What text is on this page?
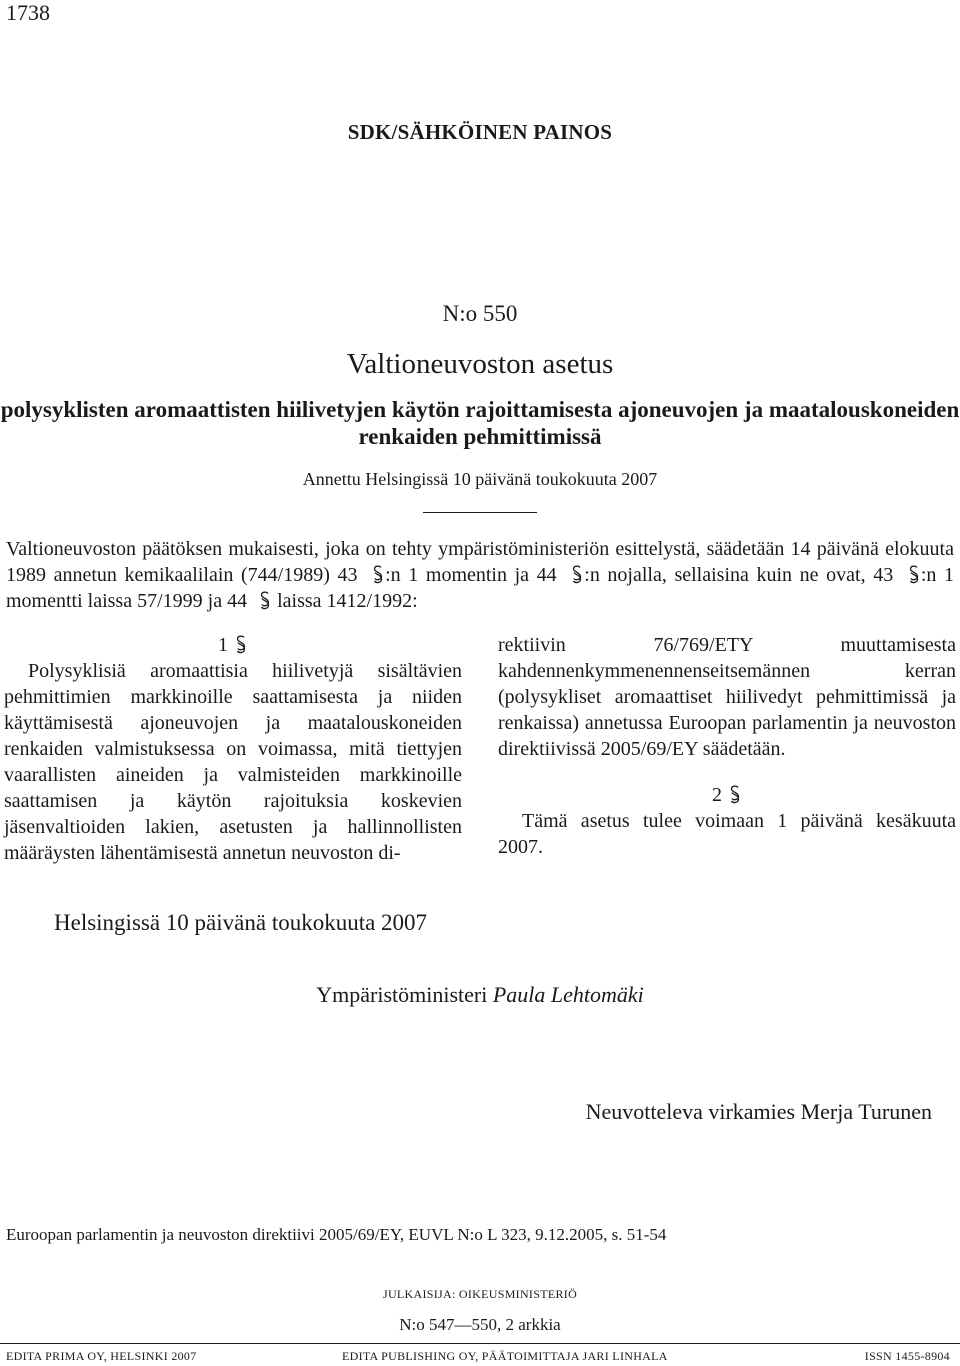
1738
SDK/SÄHKÖINEN PAINOS
N:o 550
Valtioneuvoston asetus
polysyklisten aromaattisten hiilivetyjen käytön rajoittamisesta ajoneuvojen ja maatalouskoneiden renkaiden pehmittimissä
Annettu Helsingissä 10 päivänä toukokuuta 2007

Valtioneuvoston päätöksen mukaisesti, joka on tehty ympäristöministeriön esittelystä, säädetään 14 päivänä elokuuta 1989 annetun kemikaalilain (744/1989) 43 :n 1 momentin ja 44 :n nojalla, sellaisina kuin ne ovat, 43 :n 1 momentti laissa 57/1999 ja 44  laissa 1412/1992:

1
Polysyklisiä aromaattisia hiilivetyjä sisältävien pehmittimien markkinoille saattamisesta ja niiden käyttämisestä ajoneuvojen ja maatalouskoneiden renkaiden valmistuksessa on voimassa, mitä tiettyjen vaarallisten aineiden ja valmisteiden markkinoille saattamisen ja käytön rajoituksia koskevien jäsenvaltioiden lakien, asetusten ja hallinnollisten määräysten lähentämisestä annetun neuvoston di-
rektiivin 76/769/ETY muuttamisesta kahdennenkymmenennenseitsemännen kerran (polysykliset aromaattiset hiilivedyt pehmittimissä ja renkaissa) annetussa Euroopan parlamentin ja neuvoston direktiivissä 2005/69/EY säädetään.
2
Tämä asetus tulee voimaan 1 päivänä kesäkuuta 2007.
Helsingissä 10 päivänä toukokuuta 2007
Ympäristöministeri Paula Lehtomäki
Neuvotteleva virkamies Merja Turunen
Euroopan parlamentin ja neuvoston direktiivi 2005/69/EY, EUVL N:o L 323, 9.12.2005, s. 51-54
JULKAISIJA: OIKEUSMINISTERIÖ
N:o 547—550, 2 arkkia
EDITA PRIMA OY, HELSINKI 2007	EDITA PUBLISHING OY, PÄÄTOIMITTAJA JARI LINHALA	ISSN 1455-8904
